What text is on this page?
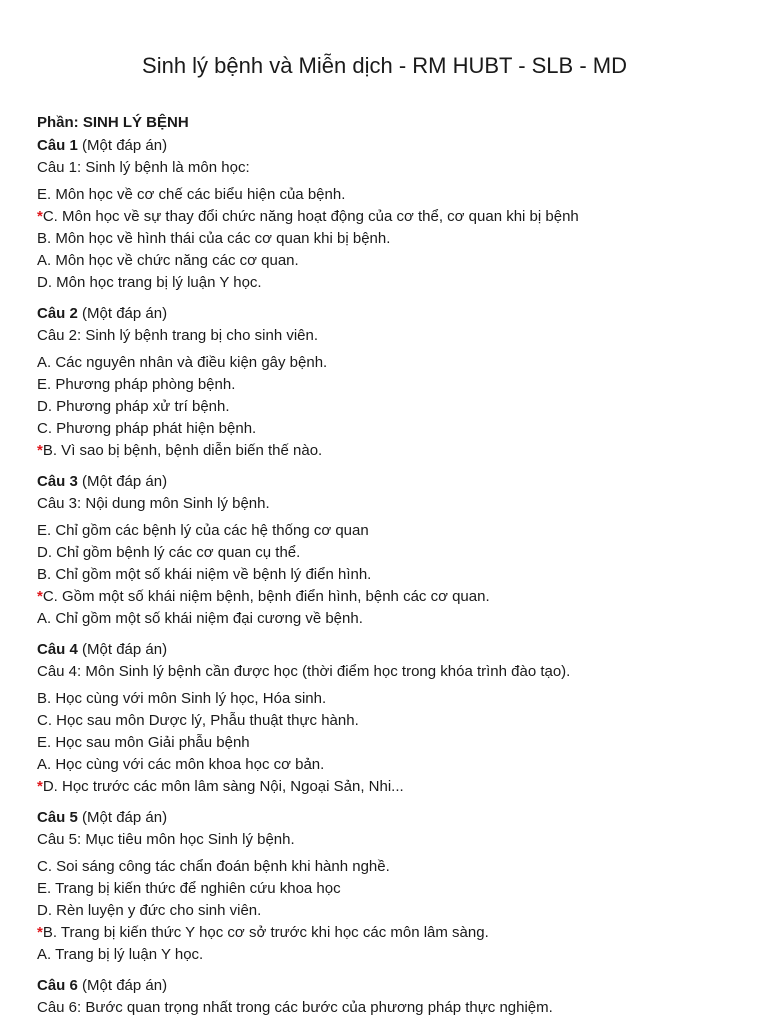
Sinh lý bệnh và Miễn dịch - RM HUBT - SLB - MD
Phần: SINH LÝ BỆNH
Câu 1 (Một đáp án)
Câu 1: Sinh lý bệnh là môn học:
E. Môn học về cơ chế các biểu hiện của bệnh.
*C. Môn học về sự thay đổi chức năng hoạt động của cơ thể, cơ quan khi bị bệnh
B. Môn học về hình thái của các cơ quan khi bị bệnh.
A. Môn học về chức năng các cơ quan.
D. Môn học trang bị lý luận Y học.
Câu 2 (Một đáp án)
Câu 2: Sinh lý bệnh trang bị cho sinh viên.
A. Các nguyên nhân và điều kiện gây bệnh.
E. Phương pháp phòng bệnh.
D. Phương pháp xử trí bệnh.
C. Phương pháp phát hiện bệnh.
*B. Vì sao bị bệnh, bệnh diễn biến thế nào.
Câu 3 (Một đáp án)
Câu 3: Nội dung môn Sinh lý bệnh.
E. Chỉ gồm các bệnh lý của các hệ thống cơ quan
D. Chỉ gồm bệnh lý các cơ quan cụ thể.
B. Chỉ gồm một số khái niệm về bệnh lý điển hình.
*C. Gồm một số khái niệm bệnh, bệnh điển hình, bệnh các cơ quan.
A. Chỉ gồm một số khái niệm đại cương về bệnh.
Câu 4 (Một đáp án)
Câu 4: Môn Sinh lý bệnh cần được học (thời điểm học trong khóa trình đào tạo).
B. Học cùng với môn Sinh lý học, Hóa sinh.
C. Học sau môn Dược lý, Phẫu thuật thực hành.
E. Học sau môn Giải phẫu bệnh
A. Học cùng với các môn khoa học cơ bản.
*D. Học trước các môn lâm sàng Nội, Ngoại Sản, Nhi...
Câu 5 (Một đáp án)
Câu 5: Mục tiêu môn học Sinh lý bệnh.
C. Soi sáng công tác chẩn đoán bệnh khi hành nghề.
E. Trang bị kiến thức để nghiên cứu khoa học
D. Rèn luyện y đức cho sinh viên.
*B. Trang bị kiến thức Y học cơ sở trước khi học các môn lâm sàng.
A. Trang bị lý luận Y học.
Câu 6 (Một đáp án)
Câu 6: Bước quan trọng nhất trong các bước của phương pháp thực nghiệm.
